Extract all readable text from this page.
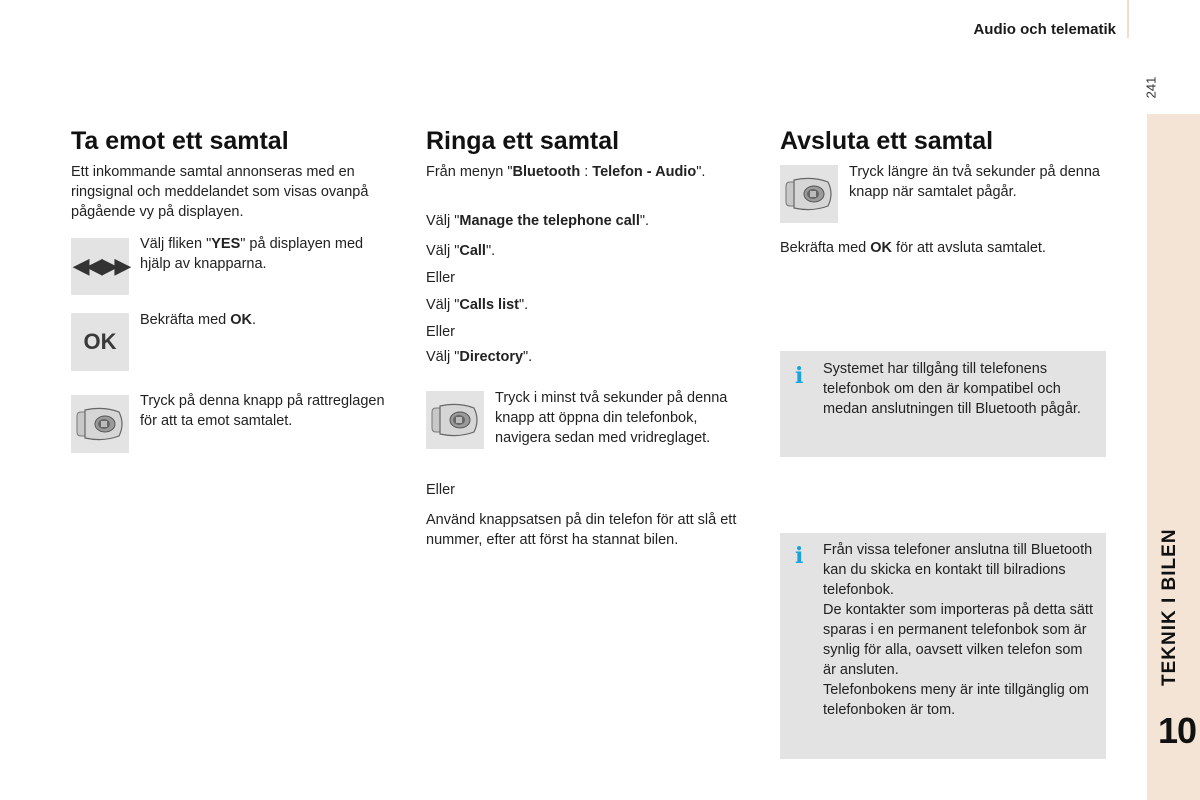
Audio och telematik
241
TEKNIK I BILEN
10
Ta emot ett samtal

Ett inkommande samtal annonseras med en ringsignal och meddelandet som visas ovanpå pågående vy på displayen.

◀◀ ▶▶

Välj fliken "YES" på displayen med hjälp av knapparna.

OK

Bekräfta med OK.

Tryck på denna knapp på rattreglagen för att ta emot samtalet.

Ringa ett samtal

Från menyn "Bluetooth : Telefon - Audio".

Välj "Manage the telephone call".

Välj "Call".

Eller

Välj "Calls list".

Eller

Välj "Directory".

Tryck i minst två sekunder på denna knapp att öppna din telefonbok, navigera sedan med vridreglaget.

Eller

Använd knappsatsen på din telefon för att slå ett nummer, efter att först ha stannat bilen.

Avsluta ett samtal

Tryck längre än två sekunder på denna knapp när samtalet pågår.

Bekräfta med OK för att avsluta samtalet.

i Systemet har tillgång till telefonens telefonbok om den är kompatibel och medan anslutningen till Bluetooth pågår.

i Från vissa telefoner anslutna till Bluetooth kan du skicka en kontakt till bilradions telefonbok.

De kontakter som importeras på detta sätt sparas i en permanent telefonbok som är synlig för alla, oavsett vilken telefon som är ansluten.

Telefonbokens meny är inte tillgänglig om telefonboken är tom.
